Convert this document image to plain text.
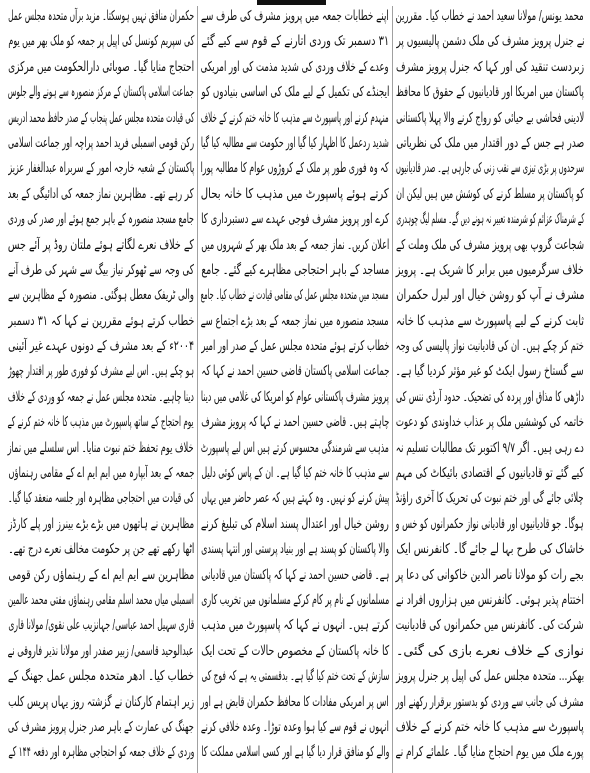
محمد یونس/ مولانا سعید احمد نے خطاب کیا۔ مقررین
نے جنرل پرویز مشرف کی ملک دشمن پالیسیوں پر
زبردست تنقید کی اور کہا کہ جنرل پرویز مشرف
پاکستان میں امریکا اور قادیانیوں کے حقوق کا محافظ
لادینی فحاشی بے حیائی کو رواج کرنے والا پہلا پاکستانی
صدر ہے جس کے دور اقتدار میں ملک کی نظریاتی
سرحدوں پر بڑی تیزی سے نقب زنی کی جارہی ہے۔ صدر قادیانیوں
کو پاکستان پر مسلط کرنے کی کوشش میں ہیں لیکن ان
کے شرمناک عزائم کو شرمندہ تعبیر نہ ہونے دیں گے۔ مسلم لیگ چوہدری
شجاعت گروپ بھی پرویز مشرف کی ملک وملت کے
خلاف سرگرمیوں میں برابر کا شریک ہے۔ پرویز
مشرف نے آپ کو روشن خیال اور لبرل حکمران
ثابت کرنے کے لیے پاسپورٹ سے مذہب کا خانہ
ختم کر چکے ہیں۔ ان کی قادیانیت نواز پالیسی کی وجہ
سے گستاخ رسول ایکٹ کو غیر مؤثر کردیا گیا ہے۔
داڑھی کا مذاق اور پردہ کی تضحیک۔ حدود آرڈی ننس کی
خاتمہ کی کوششیں ملک پر عذاب خداوندی کو دعوت
دے رہی ہیں۔ اگر ۹/۷ اکتوبر تک مطالبات تسلیم نہ
کیے گئے تو قادیانیوں کے اقتصادی بائیکاٹ کی مہم
چلائی جائے گی اور ختم نبوت کی تحریک کا آخری راؤنڈ
ہوگا۔ جو قادیانیوں اور قادیانی نواز حکمرانوں کو خس و
خاشاک کی طرح بہا لے جائے گا۔ کانفرنس ایک
بجے رات کو مولانا ناصر الدین خاکوانی کی دعا پر
اختتام پذیر ہوئی۔ کانفرنس میں ہزاروں افراد نے
شرکت کی۔ کانفرنس میں حکمرانوں کی قادیانیت
نوازی کے خلاف نعرے بازی کی گئی۔
بھکر... متحدہ مجلس عمل کی اپیل پر جنرل پرویز
مشرف کی جانب سے وردی کو بدستور برقرار رکھنے اور
پاسپورٹ سے مذہب کا خانہ ختم کرنے کے خلاف
پورے ملک میں یوم احتجاج منایا گیا۔ علمائے کرام نے
اپنے خطابات جمعہ میں پرویز مشرف کی طرف سے
۳۱ دسمبر تک وردی اتارنے کے قوم سے کیے گئے
وعدے کے خلاف وردی کی شدید مذمت کی اور امریکی
ایجنڈے کی تکمیل کے لیے ملک کی اساسی بنیادوں کو
منہدم کرنے اور پاسپورٹ سے مذہب کا خانہ ختم کرنے کے خلاف
شدید ردعمل کا اظہار کیا گیا اور حکومت سے مطالبہ کیا گیا
کہ وہ فوری طور پر ملک کے کروڑوں عوام کا مطالبہ پورا
کرتے ہوئے پاسپورٹ میں مذہب کا خانہ بحال
کرے اور پرویز مشرف فوجی عہدے سے دستبرداری کا
اعلان کریں۔ نماز جمعہ کے بعد ملک بھر کے شہروں میں
مساجد کے باہر احتجاجی مظاہرے کیے گئے۔ جامع
مسجد میں متحدہ مجلس عمل کی مقامی قیادت نے خطاب کیا۔ جامع
مسجد منصورہ میں نماز جمعہ کے بعد بڑے اجتماع سے
خطاب کرتے ہوئے متحدہ مجلس عمل کے صدر اور امیر
جماعت اسلامی پاکستان قاضی حسین احمد نے کہا کہ
پرویز مشرف پاکستانی عوام کو امریکا کی غلامی میں دینا
چاہتے ہیں۔ قاضی حسین احمد نے کہا کہ پرویز مشرف
مذہب سے شرمندگی محسوس کرتے ہیں اس لیے پاسپورٹ
سے مذہب کا خانہ ختم کیا گیا ہے۔ ان کے پاس کوئی دلیل
پیش کرنے کو نہیں۔ وہ کہتے ہیں کہ عصر حاضر میں یہاں
روشن خیال اور اعتدال پسند اسلام کی تبلیغ کرنے
والا پاکستان کو پسند ہے اور بنیاد پرستی اور انتہا پسندی
ہے۔ قاضی حسین احمد نے کہا کہ پاکستان میں قادیانی
مسلمانوں کے نام پر کام کرکے مسلمانوں میں تخریب کاری
کرتے ہیں۔ انہوں نے کہا کہ پاسپورٹ میں مذہب
کا خانہ پاکستان کے مخصوص حالات کے تحت ایک
سازش کے تحت ختم کیا گیا ہے۔ بدقسمتی یہ ہے کہ فوج کی
اس پر امریکی مفادات کا محافظ حکمران قابض ہے اور
انہوں نے قوم سے کیا ہوا وعدہ توڑا۔ وعدہ خلافی کرنے
والے کو منافق قرار دیا گیا ہے اور کسی اسلامی مملکت کا
حکمران منافق نہیں ہوسکتا۔ مزید برآں متحدہ مجلس عمل
کی سپریم کونسل کی اپیل پر جمعہ کو ملک بھر میں یوم
احتجاج منایا گیا۔ صوبائی دارالحکومت میں مرکزی
جماعت اسلامی پاکستان کے مرکز منصورہ سے ہونے والے جلوس
کی قیادت متحدہ مجلس عمل پنجاب کے صدر حافظ محمد ادریس
رکن قومی اسمبلی فرید احمد پراچہ اور جماعت اسلامی
پاکستان کے شعبہ خارجہ امور کے سربراہ عبدالغفار عزیز
کر رہے تھے۔ مظاہرین نماز جمعہ کی ادائیگی کے بعد
جامع مسجد منصورہ کے باہر جمع ہوئے اور صدر کی وردی
کے خلاف نعرے لگاتے ہوئے ملتان روڈ پر آئے جس
کی وجہ سے ٹھوکر نیاز بیگ سے شہر کی طرف آنے
والی ٹریفک معطل ہوگئی۔ منصورہ کے مظاہرین سے
خطاب کرتے ہوئے مقررین نے کہا کہ ۳۱ دسمبر
۲۰۰۴ء کے بعد مشرف کے دونوں عہدے غیر آئینی
ہو چکے ہیں۔ اس لیے مشرف کو فوری طور پر اقتدار چھوڑ
دینا چاہیے۔ متحدہ مجلس عمل نے جمعہ کو وردی کے خلاف
یوم احتجاج کے ساتھ پاسپورٹ میں مذہب کا خانہ ختم کرنے کے
خلاف یوم تحفظ ختم نبوت منایا۔ اس سلسلے میں نماز
جمعہ کے بعد آبپارہ میں ایم ایم اے کے مقامی رہنماؤں
کی قیادت میں احتجاجی مظاہرہ اور جلسہ منعقد کیا گیا۔
مظاہرین نے ہاتھوں میں بڑے بڑے بینرز اور پلے کارڈز
اٹھا رکھے تھے جن پر حکومت مخالف نعرے درج تھے۔
مظاہرین سے ایم ایم اے کے رہنماؤں رکن قومی
اسمبلی میاں محمد اسلم مقامی رہنماؤں مفتی محمد عالمین
قاری سہیل احمد عباسی/ جہانزیب علی نقوی/ مولانا قاری
عبدالوحید قاسمی/ زبیر صفدر اور مولانا نذیر فاروقی نے
خطاب کیا۔ ادھر متحدہ مجلس عمل جھنگ کے
زیر اہتمام کارکنان نے گزشتہ روز یہاں پریس کلب
جھنگ کی عمارت کے باہر صدر جنرل پرویز مشرف کی
وردی کے خلاف جمعہ کو احتجاجی مظاہرہ اور دفعہ ۱۴۴ کے
